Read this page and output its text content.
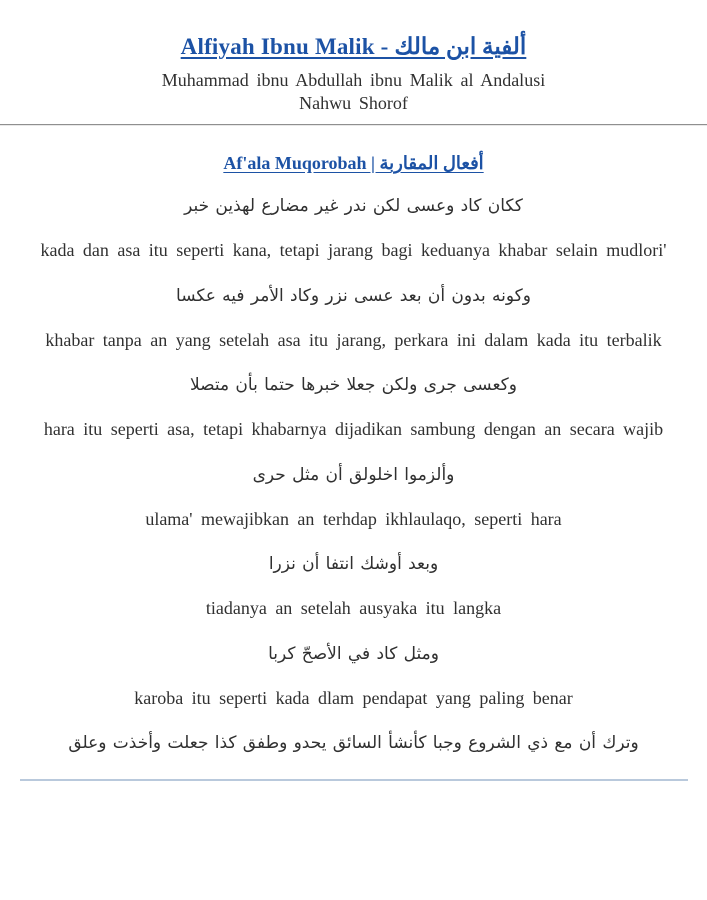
Alfiyah Ibnu Malik - ألفية ابن مالك
Muhammad ibnu Abdullah ibnu Malik al Andalusi
Nahwu Shorof
Af'ala Muqorobah | أفعال المقاربة

ككان كاد وعسى لكن ندر غير مضارع لهذين خبر

kada dan asa itu seperti kana, tetapi jarang bagi keduanya khabar selain mudlori'

وكونه بدون أن بعد عسى نزر وكاد الأمر فيه عكسا

khabar tanpa an yang setelah asa itu jarang, perkara ini dalam kada itu terbalik

وكعسى جرى ولكن جعلا خبرها حتما بأن متصلا

hara itu seperti asa, tetapi khabarnya dijadikan sambung dengan an secara wajib

وألزموا اخلولق أن مثل حرى

ulama' mewajibkan an terhdap ikhlaulaqo, seperti hara

وبعد أوشك انتفا أن نزرا

tiadanya an setelah ausyaka itu langka

ومثل كاد في الأصحّ كربا

karoba itu seperti kada dlam pendapat yang paling benar

وترك أن مع ذي الشروع وجبا كأنشأ السائق يحدو وطفق كذا جعلت وأخذت وعلق
